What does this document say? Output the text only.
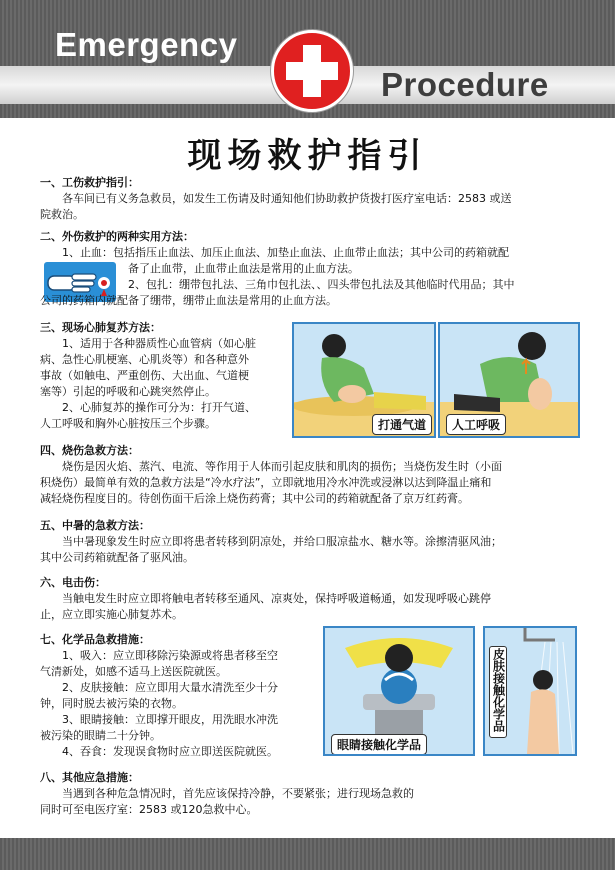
Emergency
Procedure
现场救护指引
一、工伤救护指引：
各车间已有义务急救员，如发生工伤请及时通知他们协助救护货拨打医疗室电话：2583 或送
院救治。
二、外伤救护的两种实用方法：
1、止血：包括指压止血法、加压止血法、加垫止血法、止血带止血法；其中公司的药箱就配
备了止血带，止血带止血法是常用的止血方法。
2、包扎：绷带包扎法、三角巾包扎法、、四头带包扎法及其他临时代用品；其中
公司的药箱内就配备了绷带，绷带止血法是常用的止血方法。
三、现场心肺复苏方法：
1、适用于各种器质性心血管病（如心脏
病、急性心肌梗塞、心肌炎等）和各种意外
事故（如触电、严重创伤、大出血、气道梗
塞等）引起的呼吸和心跳突然停止。
2、心肺复苏的操作可分为：打开气道、
人工呼吸和胸外心脏按压三个步骤。	打通气道	人工呼吸
四、烧伤急救方法：
烧伤是因火焰、蒸汽、电流、等作用于人体而引起皮肤和肌肉的损伤；当烧伤发生时（小面
积烧伤）最简单有效的急救方法是“冷水疗法”，立即就地用冷水冲洗或浸淋以达到降温止痛和
减轻烧伤程度目的。待创伤面干后涂上烧伤药膏；其中公司的药箱就配备了京万红药膏。
五、中暑的急救方法：
当中暑现象发生时应立即将患者转移到阴凉处，并给口服凉盐水、糖水等。涂擦清驱风油；
其中公司药箱就配备了驱风油。
六、电击伤：
当触电发生时应立即将触电者转移至通风、凉爽处，保持呼吸道畅通，如发现呼吸心跳停
止，应立即实施心肺复苏术。
七、化学品急救措施：
1、吸入：应立即移除污染源或将患者移至空
气清新处，如感不适马上送医院就医。
2、皮肤接触：应立即用大量水清洗至少十分
钟，同时脱去被污染的衣物。
3、眼睛接触：立即撑开眼皮，用洗眼水冲洗
被污染的眼睛二十分钟。
4、吞食：发现误食物时应立即送医院就医。	眼睛接触化学品
皮肤接触化学品
八、其他应急措施：
当遇到各种危急情况时，首先应该保持冷静，不要紧张；进行现场急救的
同时可至电医疗室：2583 或120急救中心。
